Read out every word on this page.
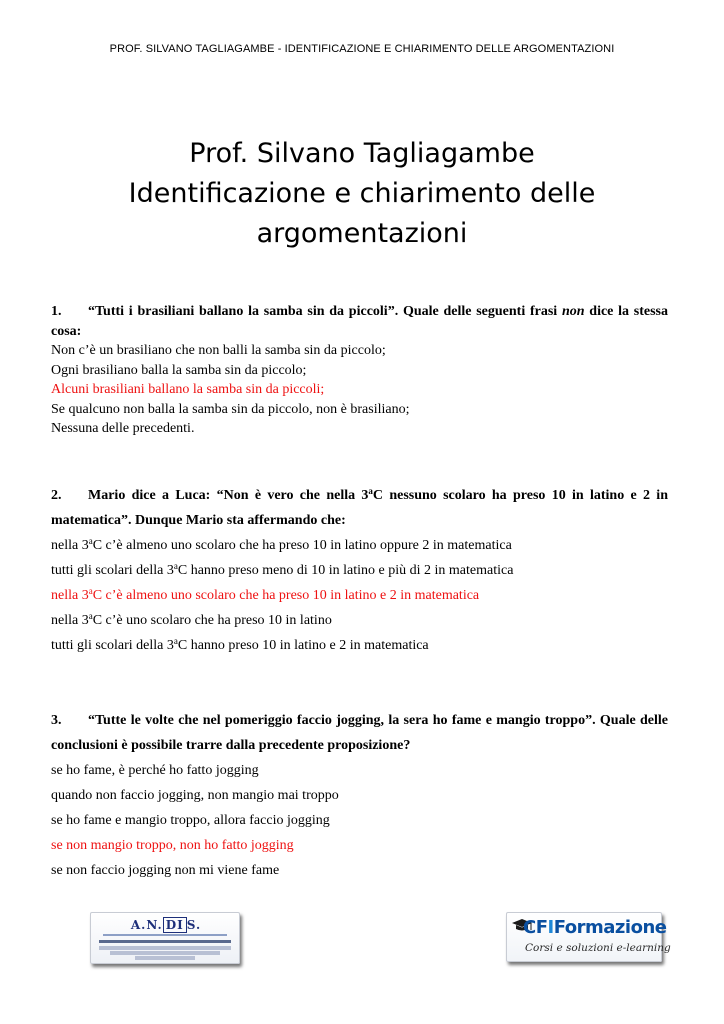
PROF. SILVANO TAGLIAGAMBE - IDENTIFICAZIONE E CHIARIMENTO DELLE ARGOMENTAZIONI
Prof. Silvano Tagliagambe
Identificazione e chiarimento delle
argomentazioni

1. “Tutti i brasiliani ballano la samba sin da piccoli”. Quale delle seguenti frasi non dice la stessa cosa:

Non c’è un brasiliano che non balli la samba sin da piccolo;

Ogni brasiliano balla la samba sin da piccolo;

Alcuni brasiliani ballano la samba sin da piccoli;

Se qualcuno non balla la samba sin da piccolo, non è brasiliano;

Nessuna delle precedenti.

2. Mario dice a Luca: “Non è vero che nella 3$^a$C nessuno scolaro ha preso 10 in latino e 2 in matematica”. Dunque Mario sta affermando che:

nella 3$^a$C c’è almeno uno scolaro che ha preso 10 in latino oppure 2 in matematica

tutti gli scolari della 3$^a$C hanno preso meno di 10 in latino e più di 2 in matematica

nella 3$^a$C c’è almeno uno scolaro che ha preso 10 in latino e 2 in matematica

nella 3$^a$C c’è uno scolaro che ha preso 10 in latino

tutti gli scolari della 3$^a$C hanno preso 10 in latino e 2 in matematica

3. “Tutte le volte che nel pomeriggio faccio jogging, la sera ho fame e mangio troppo”. Quale delle conclusioni è possibile trarre dalla precedente proposizione?

se ho fame, è perché ho fatto jogging

quando non faccio jogging, non mangio mai troppo

se ho fame e mangio troppo, allora faccio jogging

se non mangio troppo, non ho fatto jogging

se non faccio jogging non mi viene fame

A.N. DI S.	CFIFormazione
Corsi e soluzioni e-learning
